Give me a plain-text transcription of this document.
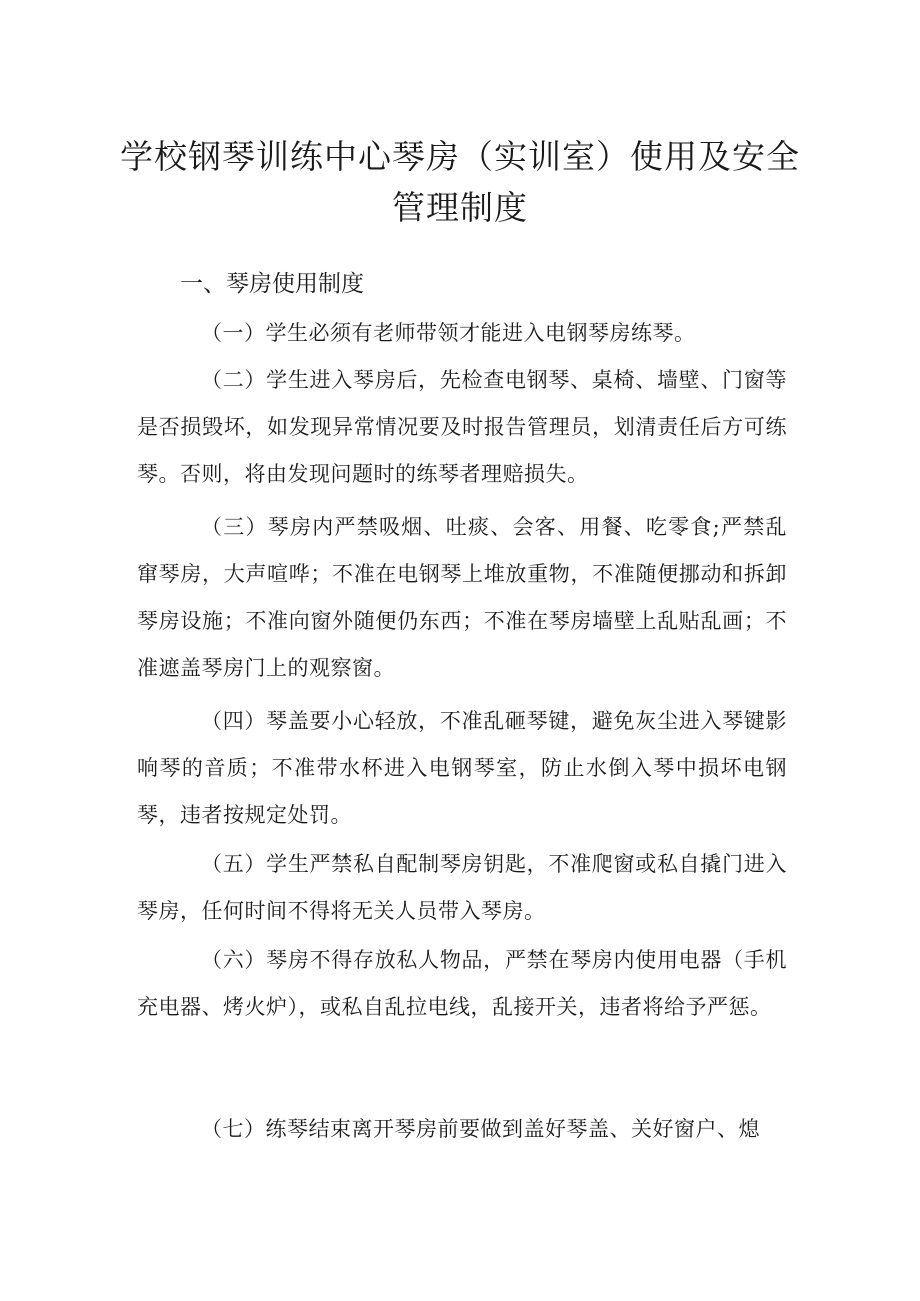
学校钢琴训练中心琴房（实训室）使用及安全
管理制度
一、琴房使用制度

（一）学生必须有老师带领才能进入电钢琴房练琴。

（二）学生进入琴房后，先检查电钢琴、桌椅、墙壁、门窗等是否损毁坏，如发现异常情况要及时报告管理员，划清责任后方可练琴。否则，将由发现问题时的练琴者理赔损失。

（三）琴房内严禁吸烟、吐痰、会客、用餐、吃零食;严禁乱窜琴房，大声喧哗；不准在电钢琴上堆放重物，不准随便挪动和拆卸琴房设施；不准向窗外随便仍东西；不准在琴房墙壁上乱贴乱画；不准遮盖琴房门上的观察窗。

（四）琴盖要小心轻放，不准乱砸琴键，避免灰尘进入琴键影响琴的音质；不准带水杯进入电钢琴室，防止水倒入琴中损坏电钢琴，违者按规定处罚。

（五）学生严禁私自配制琴房钥匙，不准爬窗或私自撬门进入琴房，任何时间不得将无关人员带入琴房。

（六）琴房不得存放私人物品，严禁在琴房内使用电器（手机充电器、烤火炉），或私自乱拉电线，乱接开关，违者将给予严惩。

（七）练琴结束离开琴房前要做到盖好琴盖、关好窗户、熄
